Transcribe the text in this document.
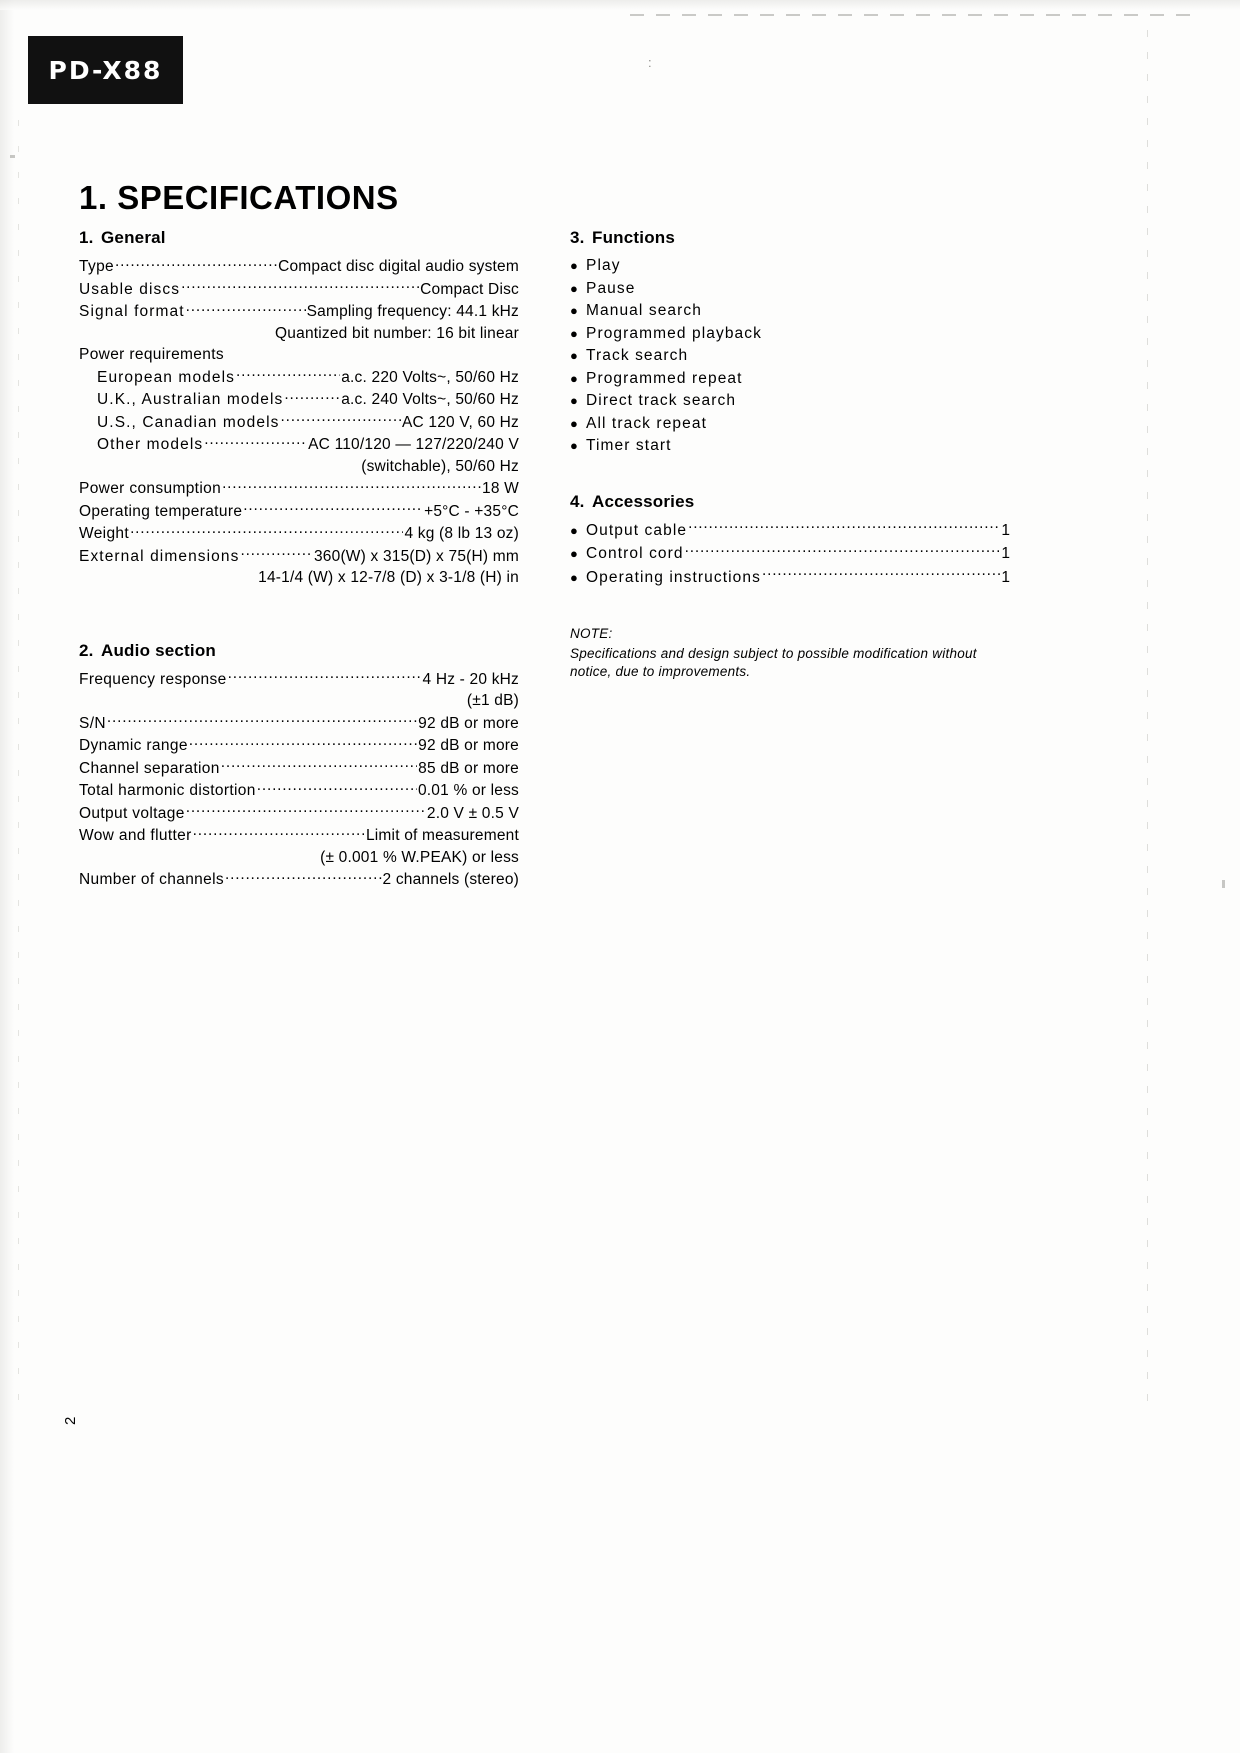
:
PD-X88
1. SPECIFICATIONS
1. General
Type .....	Compact disc digital audio system
Usable discs .....	Compact Disc
Signal format .....	Sampling frequency: 44.1 kHz
Quantized bit number: 16 bit linear
Power requirements
European models .....	a.c. 220 Volts~, 50/60 Hz
U.K., Australian models .....	a.c. 240 Volts~, 50/60 Hz
U.S., Canadian models .....	AC 120 V, 60 Hz
Other models .....	AC 110/120 — 127/220/240 V
(switchable), 50/60 Hz
Power consumption .....	18 W
Operating temperature .....	+5°C - +35°C
Weight .....	4 kg (8 lb 13 oz)
External dimensions .....	360(W) x 315(D) x 75(H) mm
14-1/4 (W) x 12-7/8 (D) x 3-1/8 (H) in
2. Audio section
Frequency response .....	4 Hz - 20 kHz
(±1 dB)
S/N .....	92 dB or more
Dynamic range .....	92 dB or more
Channel separation .....	85 dB or more
Total harmonic distortion .....	0.01 % or less
Output voltage .....	2.0 V ± 0.5 V
Wow and flutter .....	Limit of measurement
(± 0.001 % W.PEAK) or less
Number of channels .....	2 channels (stereo)
3. Functions
● Play
● Pause
● Manual search
● Programmed playback
● Track search
● Programmed repeat
● Direct track search
● All track repeat
● Timer start
4. Accessories
● Output cable .....	1
● Control cord .....	1
● Operating instructions .....	1
NOTE:
Specifications and design subject to possible modification without notice, due to improvements.
2
